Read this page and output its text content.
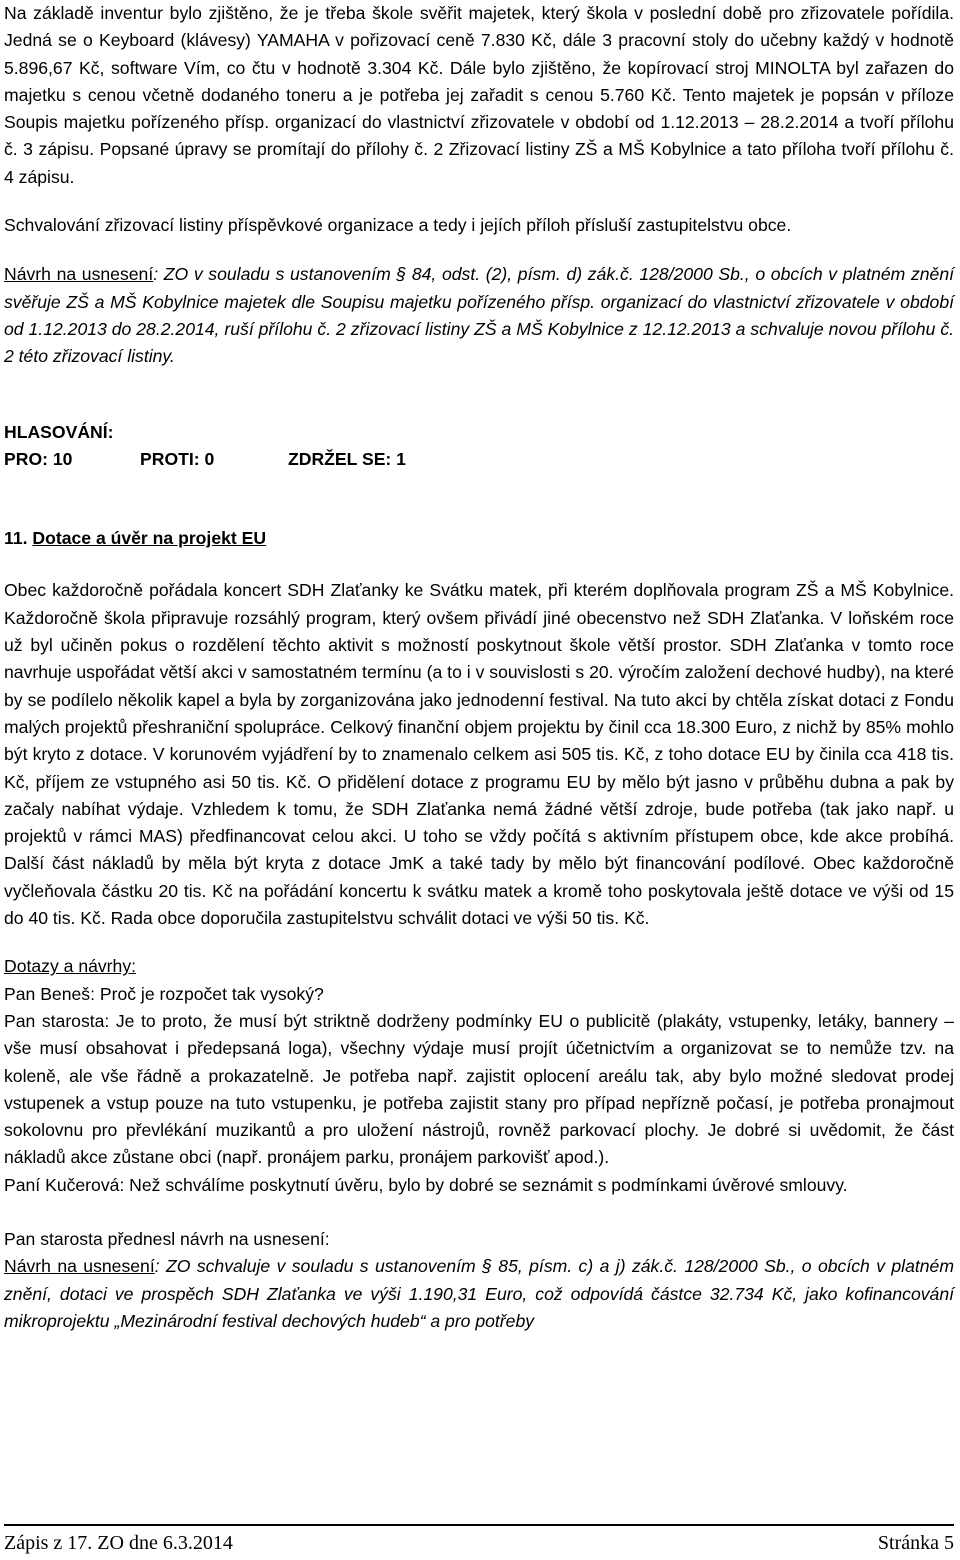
Na základě inventur bylo zjištěno, že je třeba škole svěřit majetek, který škola v poslední době pro zřizovatele pořídila. Jedná se o Keyboard (klávesy) YAMAHA v pořizovací ceně 7.830 Kč, dále 3 pracovní stoly do učebny každý v hodnotě 5.896,67 Kč, software Vím, co čtu v hodnotě 3.304 Kč. Dále bylo zjištěno, že kopírovací stroj MINOLTA byl zařazen do majetku s cenou včetně dodaného toneru a je potřeba jej zařadit s cenou 5.760 Kč. Tento majetek je popsán v příloze Soupis majetku pořízeného přísp. organizací do vlastnictví zřizovatele v období od 1.12.2013 – 28.2.2014 a tvoří přílohu č. 3 zápisu. Popsané úpravy se promítají do přílohy č. 2 Zřizovací listiny ZŠ a MŠ Kobylnice a tato příloha tvoří přílohu č. 4 zápisu.

Schvalování zřizovací listiny příspěvkové organizace a tedy i jejích příloh přísluší zastupitelstvu obce.

Návrh na usnesení: ZO v souladu s ustanovením § 84, odst. (2), písm. d) zák.č. 128/2000 Sb., o obcích v platném znění svěřuje ZŠ a MŠ Kobylnice majetek dle Soupisu majetku pořízeného přísp. organizací do vlastnictví zřizovatele v období od 1.12.2013 do 28.2.2014, ruší přílohu č. 2 zřizovací listiny ZŠ a MŠ Kobylnice z 12.12.2013 a schvaluje novou přílohu č. 2 této zřizovací listiny.

HLASOVÁNÍ:

PRO: 10	PROTI: 0	ZDRŽEL SE: 1

11. Dotace a úvěr na projekt EU

Obec každoročně pořádala koncert SDH Zlaťanky ke Svátku matek, při kterém doplňovala program ZŠ a MŠ Kobylnice. Každoročně škola připravuje rozsáhlý program, který ovšem přivádí jiné obecenstvo než SDH Zlaťanka. V loňském roce už byl učiněn pokus o rozdělení těchto aktivit s možností poskytnout škole větší prostor. SDH Zlaťanka v tomto roce navrhuje uspořádat větší akci v samostatném termínu (a to i v souvislosti s 20. výročím založení dechové hudby), na které by se podílelo několik kapel a byla by zorganizována jako jednodenní festival. Na tuto akci by chtěla získat dotaci z Fondu malých projektů přeshraniční spolupráce. Celkový finanční objem projektu by činil cca 18.300 Euro, z nichž by 85% mohlo být kryto z dotace. V korunovém vyjádření by to znamenalo celkem asi 505 tis. Kč, z toho dotace EU by činila cca 418 tis. Kč, příjem ze vstupného asi 50 tis. Kč. O přidělení dotace z programu EU by mělo být jasno v průběhu dubna a pak by začaly nabíhat výdaje. Vzhledem k tomu, že SDH Zlaťanka nemá žádné větší zdroje, bude potřeba (tak jako např. u projektů v rámci MAS) předfinancovat celou akci. U toho se vždy počítá s aktivním přístupem obce, kde akce probíhá. Další část nákladů by měla být kryta z dotace JmK a také tady by mělo být financování podílové. Obec každoročně vyčleňovala částku 20 tis. Kč na pořádání koncertu k svátku matek a kromě toho poskytovala ještě dotace ve výši od 15 do 40 tis. Kč. Rada obce doporučila zastupitelstvu schválit dotaci ve výši 50 tis. Kč.

Dotazy a návrhy:

Pan Beneš: Proč je rozpočet tak vysoký?

Pan starosta: Je to proto, že musí být striktně dodrženy podmínky EU o publicitě (plakáty, vstupenky, letáky, bannery – vše musí obsahovat i předepsaná loga), všechny výdaje musí projít účetnictvím a organizovat se to nemůže tzv. na koleně, ale vše řádně a prokazatelně. Je potřeba např. zajistit oplocení areálu tak, aby bylo možné sledovat prodej vstupenek a vstup pouze na tuto vstupenku, je potřeba zajistit stany pro případ nepřízně počasí, je potřeba pronajmout sokolovnu pro převlékání muzikantů a pro uložení nástrojů, rovněž parkovací plochy. Je dobré si uvědomit, že část nákladů akce zůstane obci (např. pronájem parku, pronájem parkovišť apod.).

Paní Kučerová: Než schválíme poskytnutí úvěru, bylo by dobré se seznámit s podmínkami úvěrové smlouvy.

Pan starosta přednesl návrh na usnesení:

Návrh na usnesení: ZO schvaluje v souladu s ustanovením § 85, písm. c) a j) zák.č. 128/2000 Sb., o obcích v platném znění, dotaci ve prospěch SDH Zlaťanka ve výši 1.190,31 Euro, což odpovídá částce 32.734 Kč, jako kofinancování mikroprojektu „Mezinárodní festival dechových hudeb“ a pro potřeby

Zápis z 17. ZO dne 6.3.2014	Stránka 5
